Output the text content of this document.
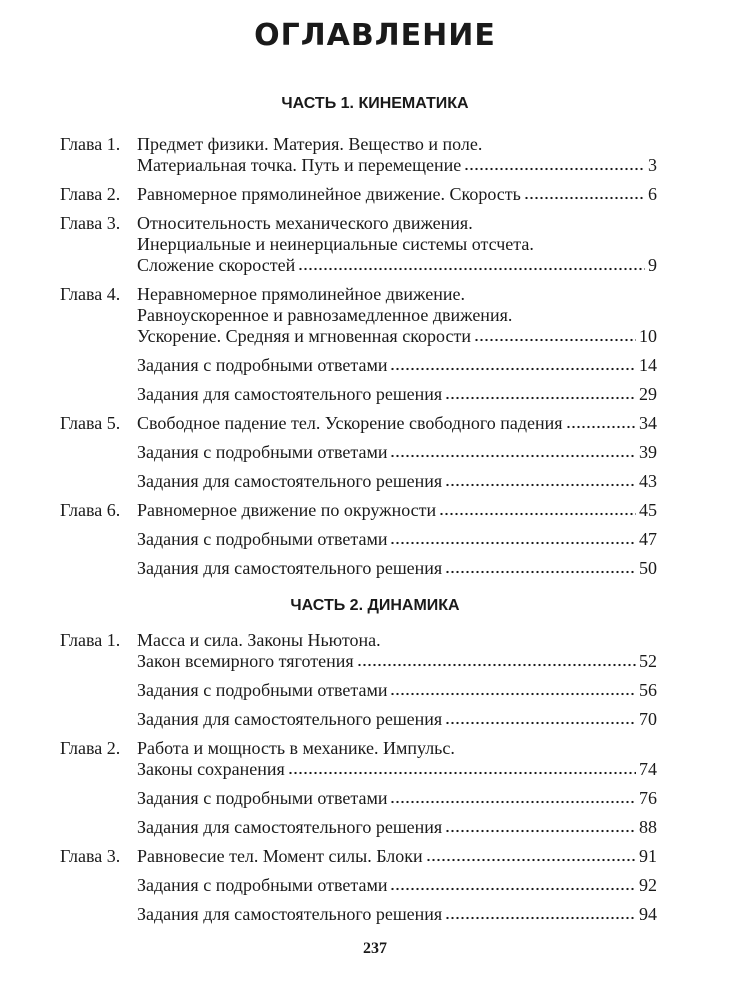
ОГЛАВЛЕНИЕ
ЧАСТЬ 1. КИНЕМАТИКА
Глава 1. Предмет физики. Материя. Вещество и поле.
Материальная точка. Путь и перемещение	3
Глава 2. Равномерное прямолинейное движение. Скорость	6
Глава 3. Относительность механического движения.
Инерциальные и неинерциальные системы отсчета.
Сложение скоростей	9
Глава 4. Неравномерное прямолинейное движение.
Равноускоренное и равнозамедленное движения.
Ускорение. Средняя и мгновенная скорости	10
Задания с подробными ответами	14
Задания для самостоятельного решения	29
Глава 5. Свободное падение тел. Ускорение свободного падения	34
Задания с подробными ответами	39
Задания для самостоятельного решения	43
Глава 6. Равномерное движение по окружности	45
Задания с подробными ответами	47
Задания для самостоятельного решения	50
ЧАСТЬ 2. ДИНАМИКА
Глава 1. Масса и сила. Законы Ньютона.
Закон всемирного тяготения	52
Задания с подробными ответами	56
Задания для самостоятельного решения	70
Глава 2. Работа и мощность в механике. Импульс.
Законы сохранения	74
Задания с подробными ответами	76
Задания для самостоятельного решения	88
Глава 3. Равновесие тел. Момент силы. Блоки	91
Задания с подробными ответами	92
Задания для самостоятельного решения	94
237
